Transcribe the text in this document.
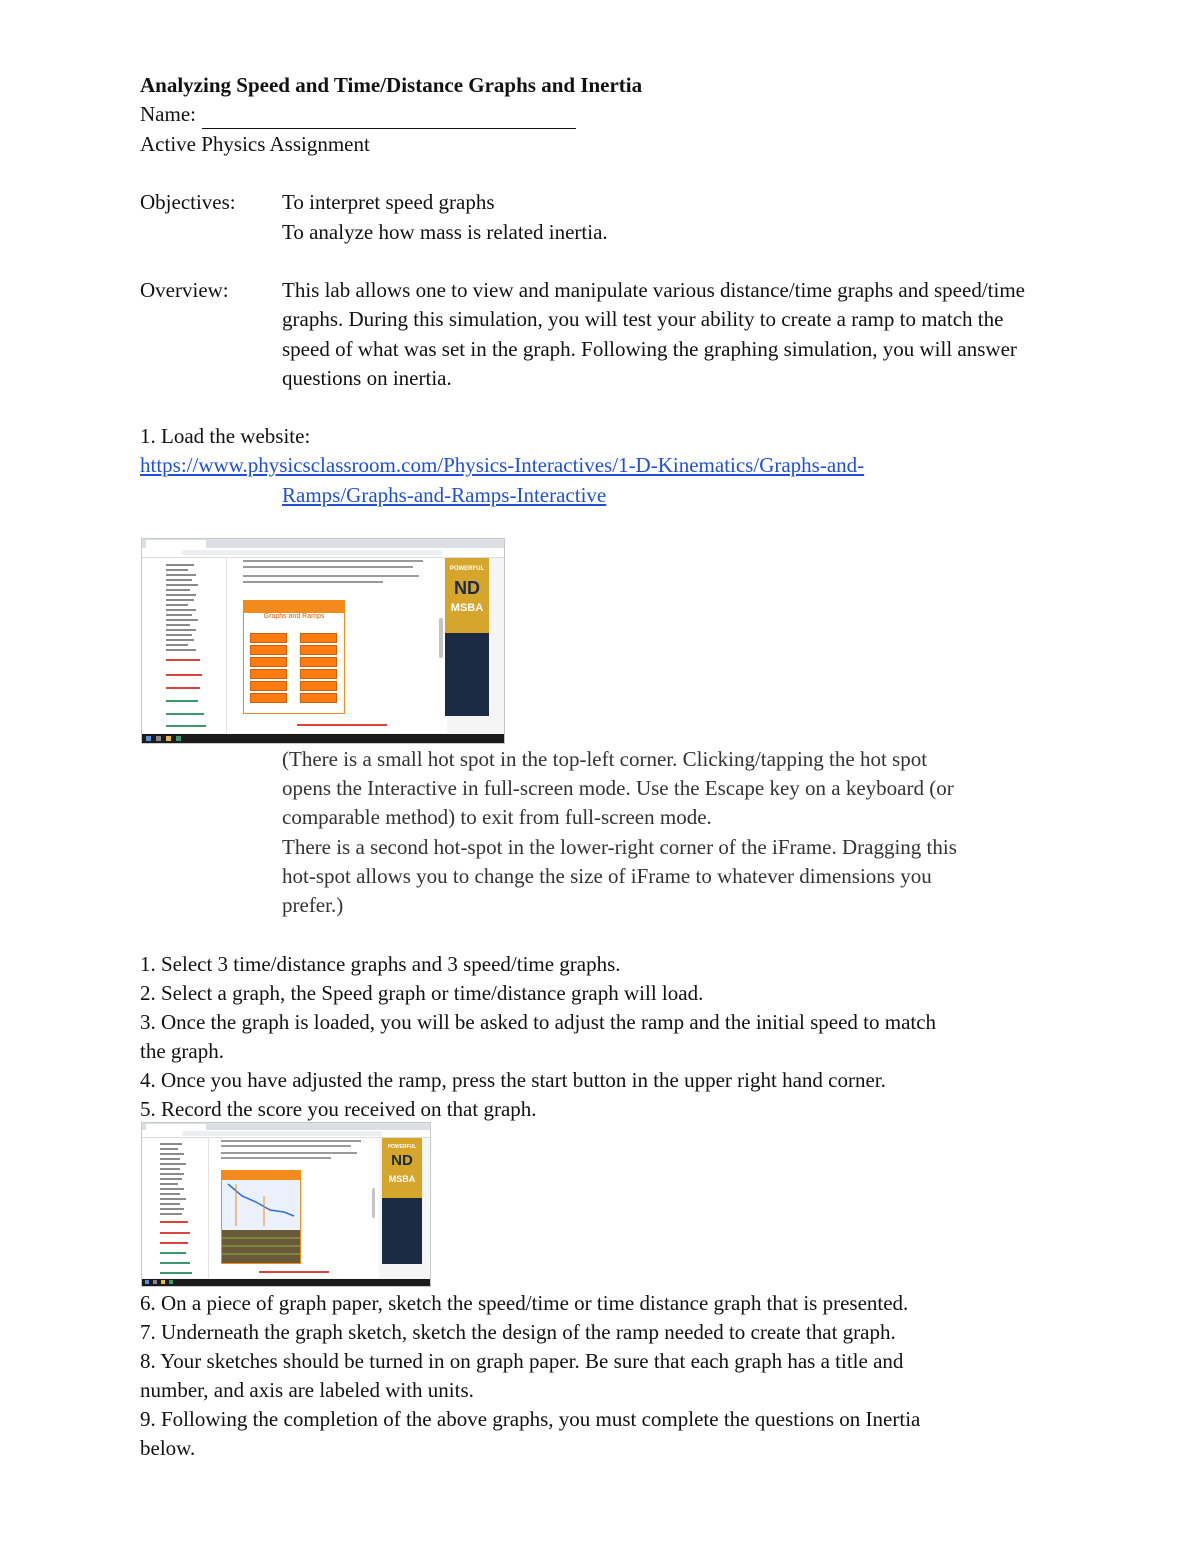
Analyzing Speed and Time/Distance Graphs and Inertia
Name:
Active Physics Assignment
Objectives: To interpret speed graphs
To analyze how mass is related inertia.
Overview:	This lab allows one to view and manipulate various distance/time graphs and speed/time graphs. During this simulation, you will test your ability to create a ramp to match the speed of what was set in the graph. Following the graphing simulation, you will answer questions on inertia.
1. Load the website:
https://www.physicsclassroom.com/Physics-Interactives/1-D-Kinematics/Graphs-and-
Ramps/Graphs-and-Ramps-Interactive
Graphs and Ramps
POWERFUL
ND
MSBA
(There is a small hot spot in the top-left corner. Clicking/tapping the hot spot
opens the Interactive in full-screen mode. Use the Escape key on a keyboard (or
comparable method) to exit from full-screen mode.
There is a second hot-spot in the lower-right corner of the iFrame. Dragging this
hot-spot allows you to change the size of iFrame to whatever dimensions you
prefer.)
1. Select 3 time/distance graphs and 3 speed/time graphs.
2. Select a graph, the Speed graph or time/distance graph will load.
3. Once the graph is loaded, you will be asked to adjust the ramp and the initial speed to match
the graph.
4. Once you have adjusted the ramp, press the start button in the upper right hand corner.
5. Record the score you received on that graph.
POWERFUL
ND
MSBA
6. On a piece of graph paper, sketch the speed/time or time distance graph that is presented.
7. Underneath the graph sketch, sketch the design of the ramp needed to create that graph.
8. Your sketches should be turned in on graph paper. Be sure that each graph has a title and
number, and axis are labeled with units.
9. Following the completion of the above graphs, you must complete the questions on Inertia
below.
